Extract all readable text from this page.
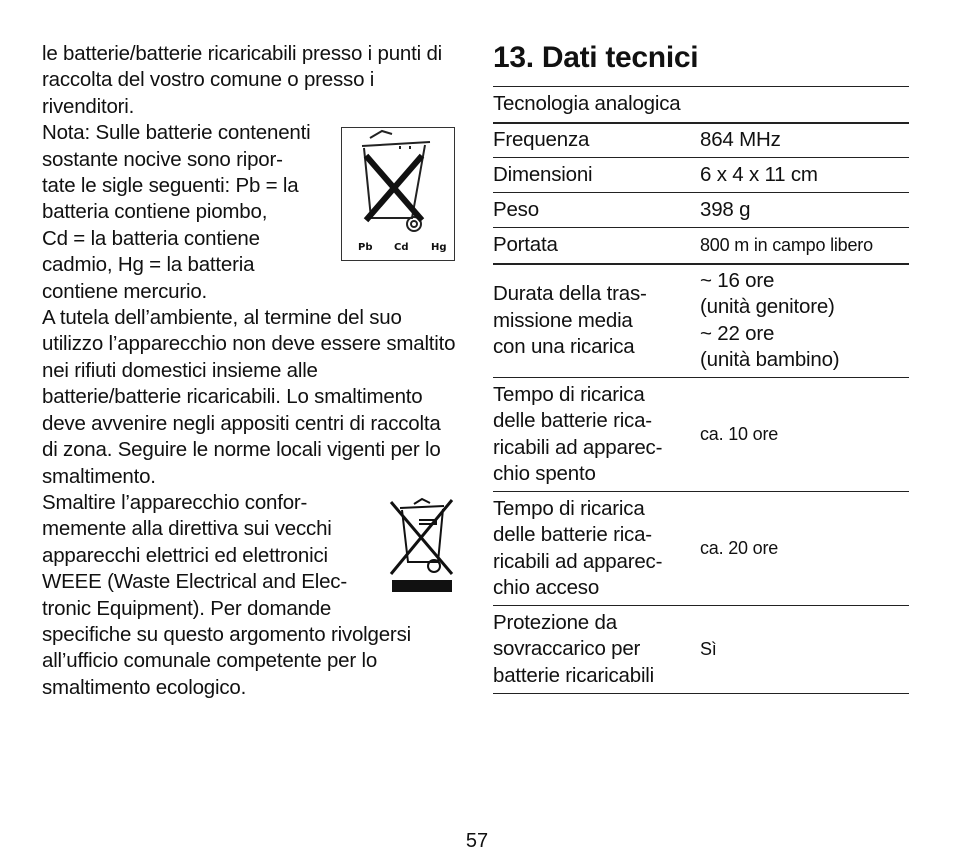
le batterie/batterie ricaricabili presso i punti di raccolta del vostro comune o presso i rivenditori.

Nota: Sulle batterie contenenti
sostante nocive sono ripor-
tate le sigle seguenti: Pb = la
batteria contiene piombo,
Cd = la batteria contiene
cadmio, Hg = la batteria
contiene mercurio.

A tutela dell’ambiente, al termine del suo utilizzo l’apparecchio non deve essere smaltito nei rifiuti domestici insieme alle batterie/batterie ricaricabili. Lo smaltimento deve avvenire negli appositi centri di raccolta di zona. Seguire le norme locali vigenti per lo smaltimento.

Smaltire l’apparecchio confor-
memente alla direttiva sui vecchi
apparecchi elettrici ed elettronici
WEEE (Waste Electrical and Elec-
tronic Equipment). Per domande

specifiche su questo argomento rivolgersi all’ufficio comunale competente per lo smaltimento ecologico.

Pb Cd Hg
13. Dati tecnici
Tecnologia analogica	
Frequenza	864 MHz
Dimensioni	6 x 4 x 11 cm
Peso	398 g
Portata	800 m in campo libero
Durata della tras-
missione media
con una ricarica	~ 16 ore
(unità genitore)
~ 22 ore
(unità bambino)
Tempo di ricarica
delle batterie rica-
ricabili ad apparec-
chio spento	ca. 10 ore
Tempo di ricarica
delle batterie rica-
ricabili ad apparec-
chio acceso	ca. 20 ore
Protezione da
sovraccarico per
batterie ricaricabili	Sì
57
